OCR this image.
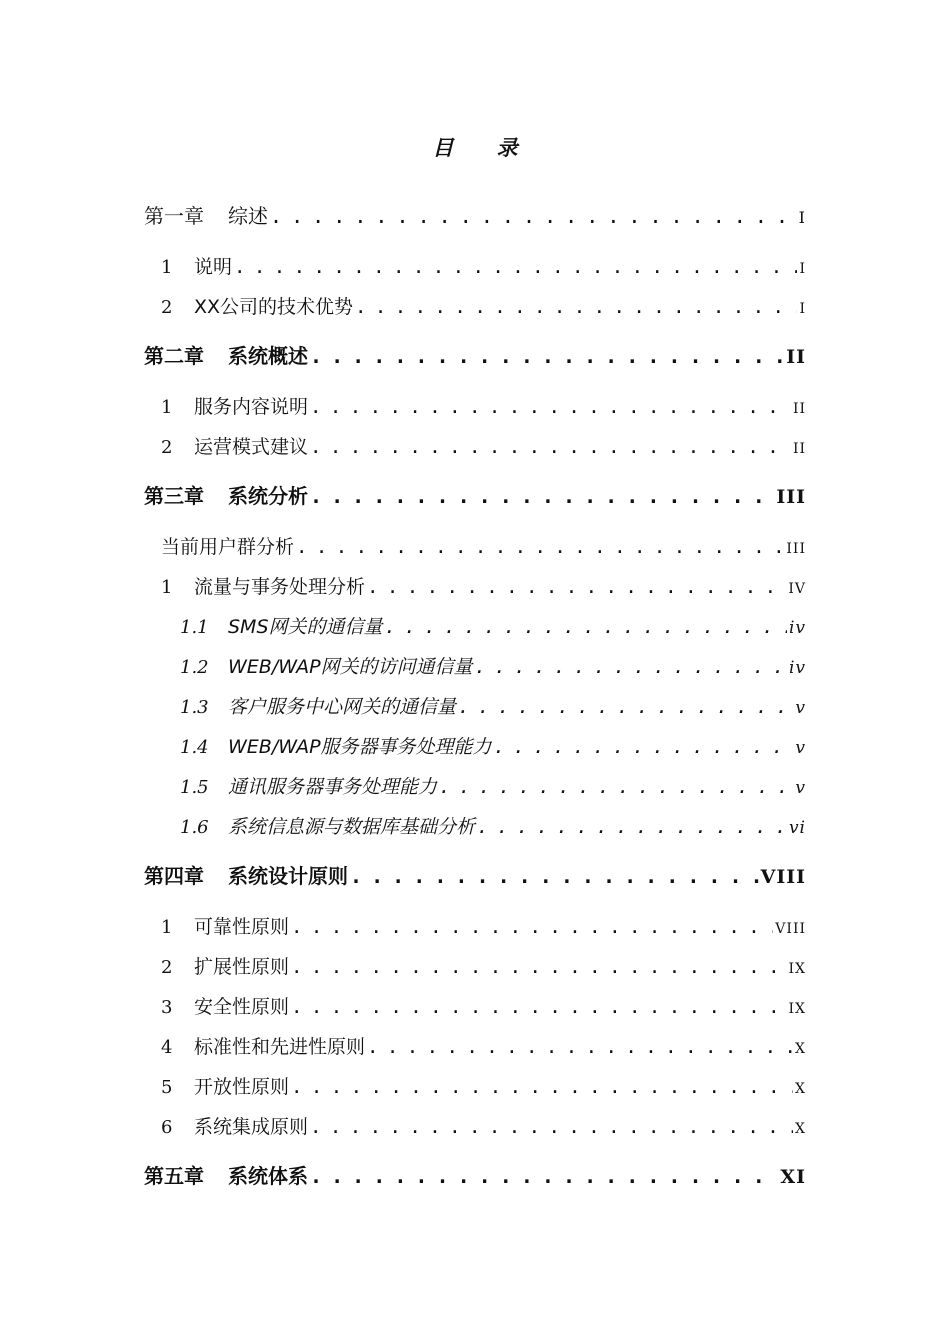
目 录
第一章	综述 . . .	I
1	说明 . . .	I
2	XX公司的技术优势 . . .	I
第二章	系统概述 . . .	II
1	服务内容说明 . . .	II
2	运营模式建议 . . .	II
第三章	系统分析 . . .	III
当前用户群分析 . . .	III
1	流量与事务处理分析 . . .	IV
1.1	SMS网关的通信量 . . .	iv
1.2	WEB/WAP网关的访问通信量 . . .	iv
1.3	客户服务中心网关的通信量 . . .	v
1.4	WEB/WAP服务器事务处理能力 . . .	v
1.5	通讯服务器事务处理能力 . . .	v
1.6	系统信息源与数据库基础分析 . . .	vi
第四章	系统设计原则 . . .	VIII
1	可靠性原则 . . .	VIII
2	扩展性原则 . . .	IX
3	安全性原则 . . .	IX
4	标准性和先进性原则 . . .	X
5	开放性原则 . . .	X
6	系统集成原则 . . .	X
第五章	系统体系 . . .	XI
